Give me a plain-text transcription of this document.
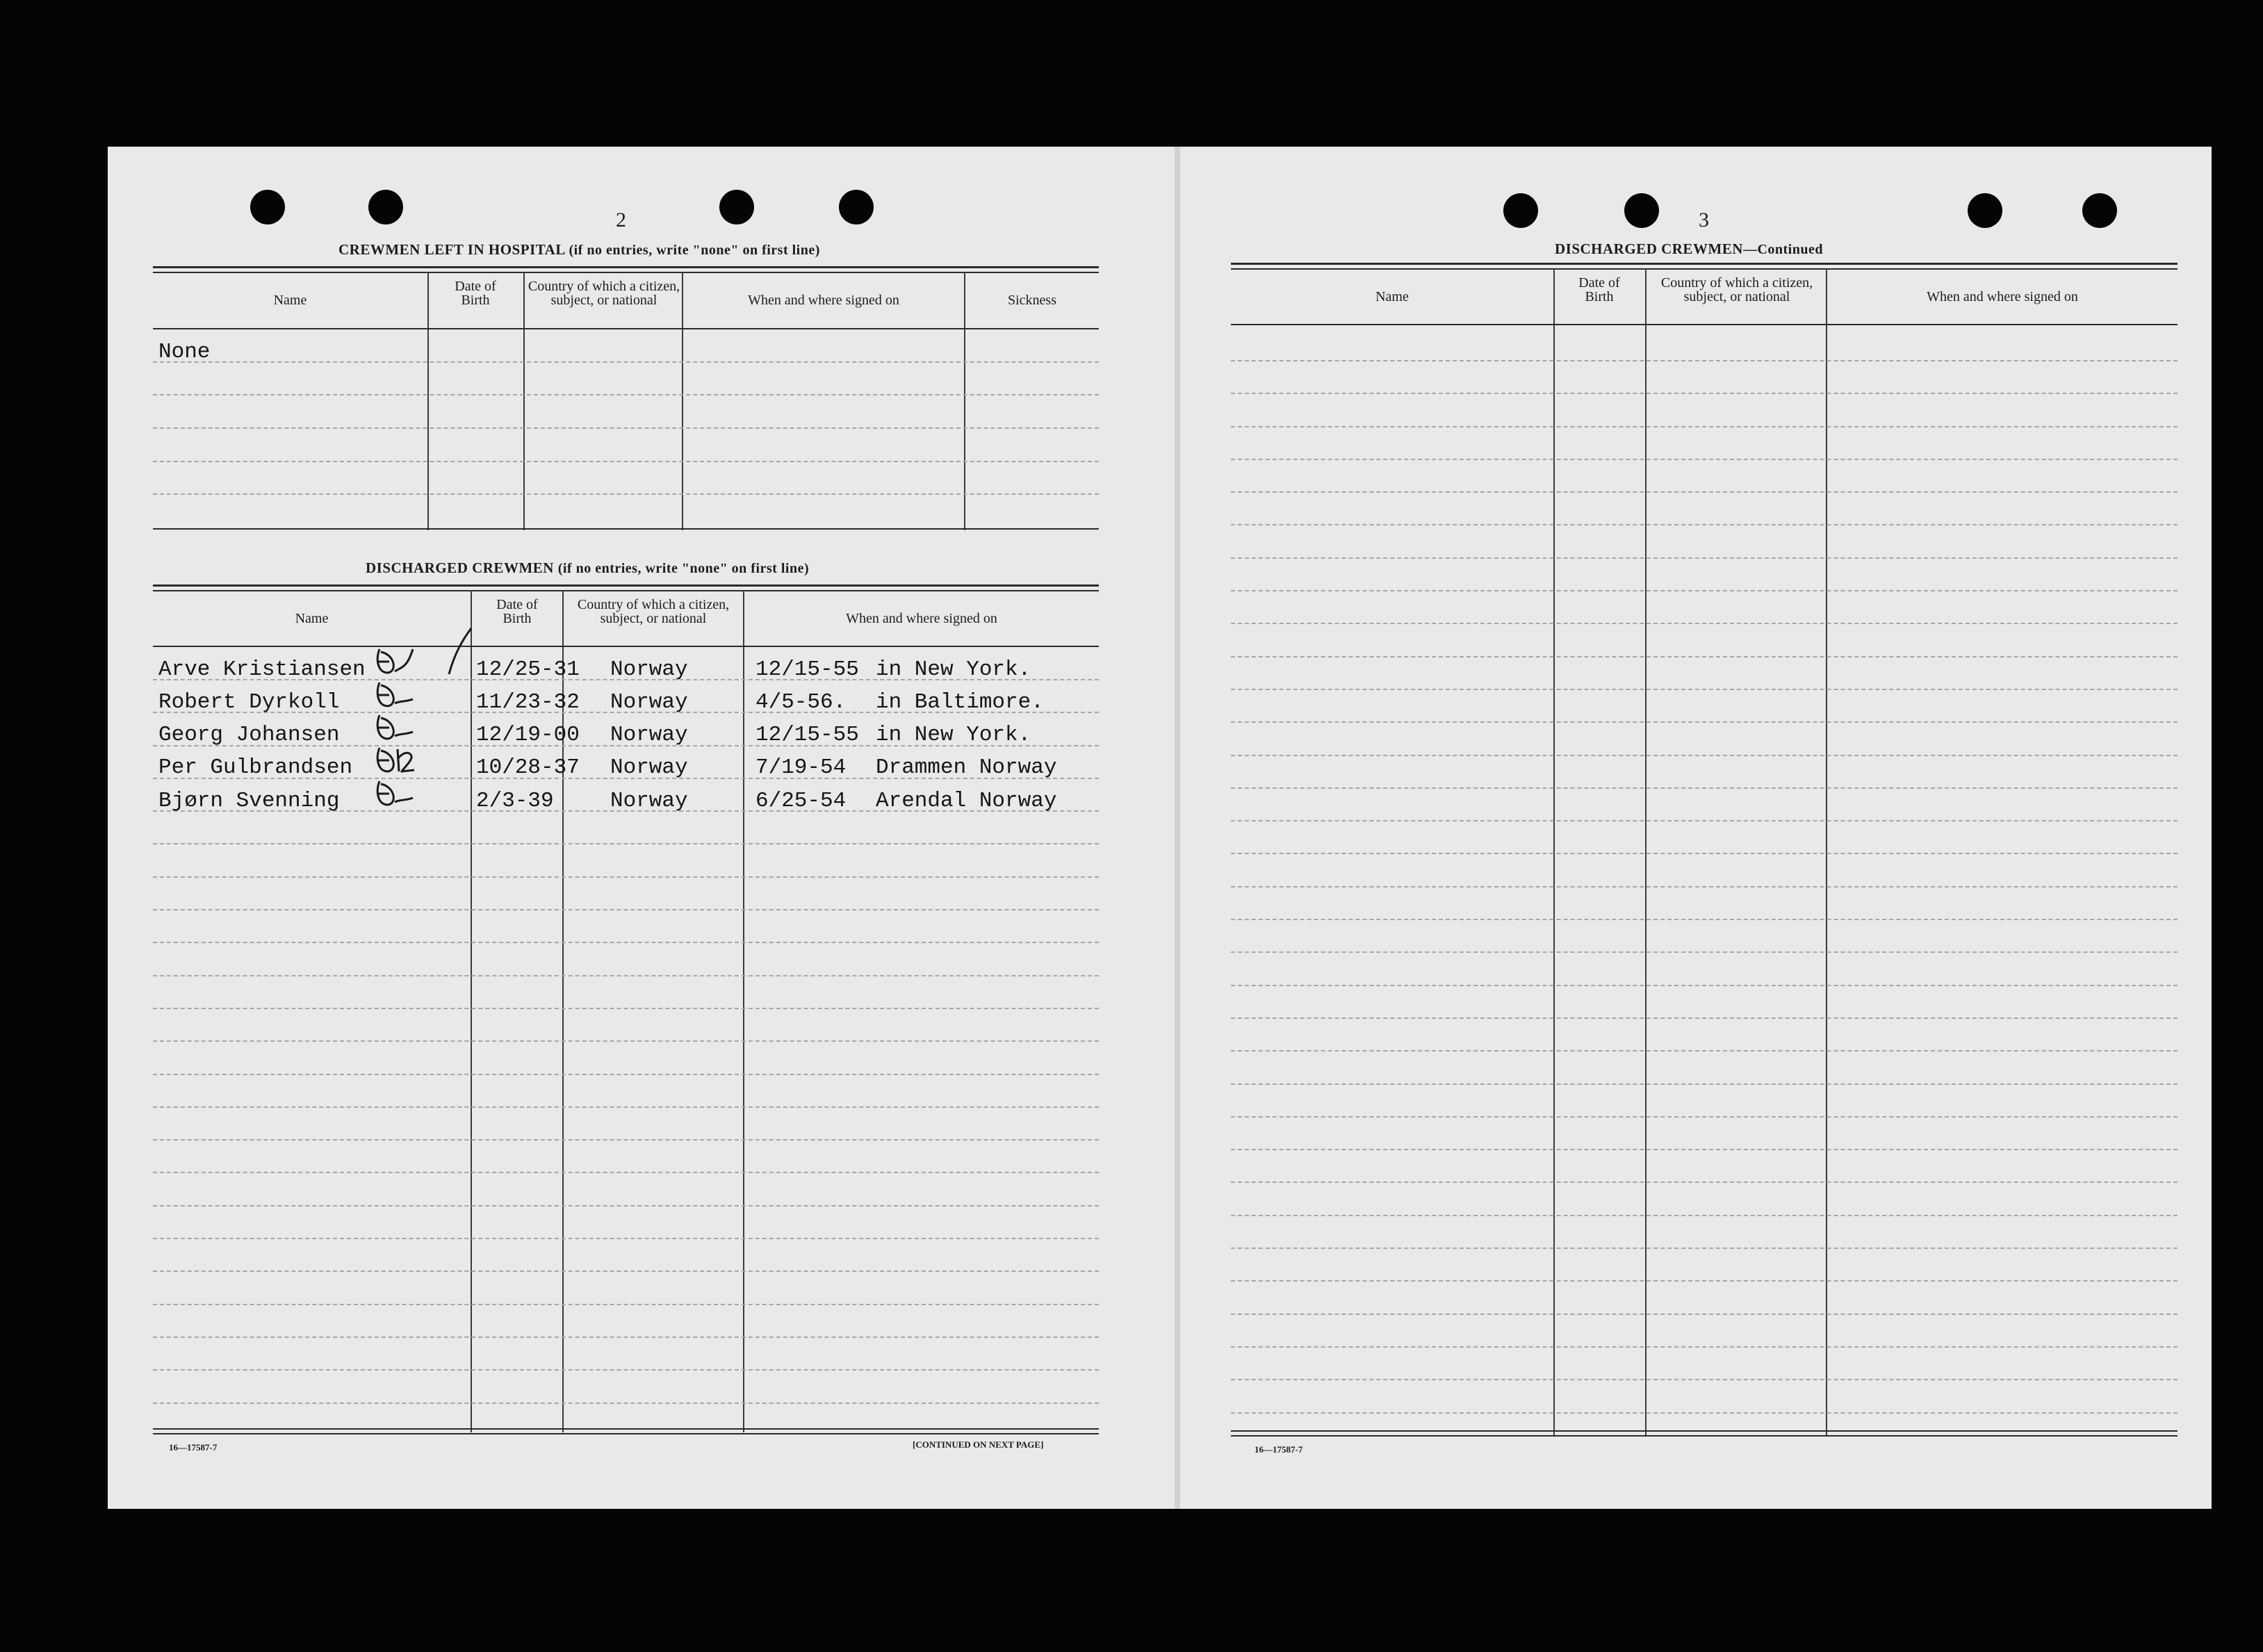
2
CREWMEN LEFT IN HOSPITAL (if no entries, write "none" on first line)
Name
Date of Birth
Country of which a citizen, subject, or national	When and where signed on	Sickness
None
DISCHARGED CREWMEN (if no entries, write "none" on first line)
Name
Date of Birth
Country of which a citizen, subject, or national	When and where signed on
Arve Kristiansen	12/25-31 Norway	12/15-55 in New York.
Robert Dyrkoll	11/23-32 Norway	4/5-56. in Baltimore.
Georg Johansen	12/19-00 Norway	12/15-55 in New York.
Per Gulbrandsen	10/28-37 Norway	7/19-54 Drammen Norway
Bjørn Svenning	2/3-39	Norway	6/25-54 Arendal Norway
16—17587-7	[CONTINUED ON NEXT PAGE]
3
DISCHARGED CREWMEN—Continued
Name
Date of Birth
Country of which a citizen, subject, or national	When and where signed on
16—17587-7
